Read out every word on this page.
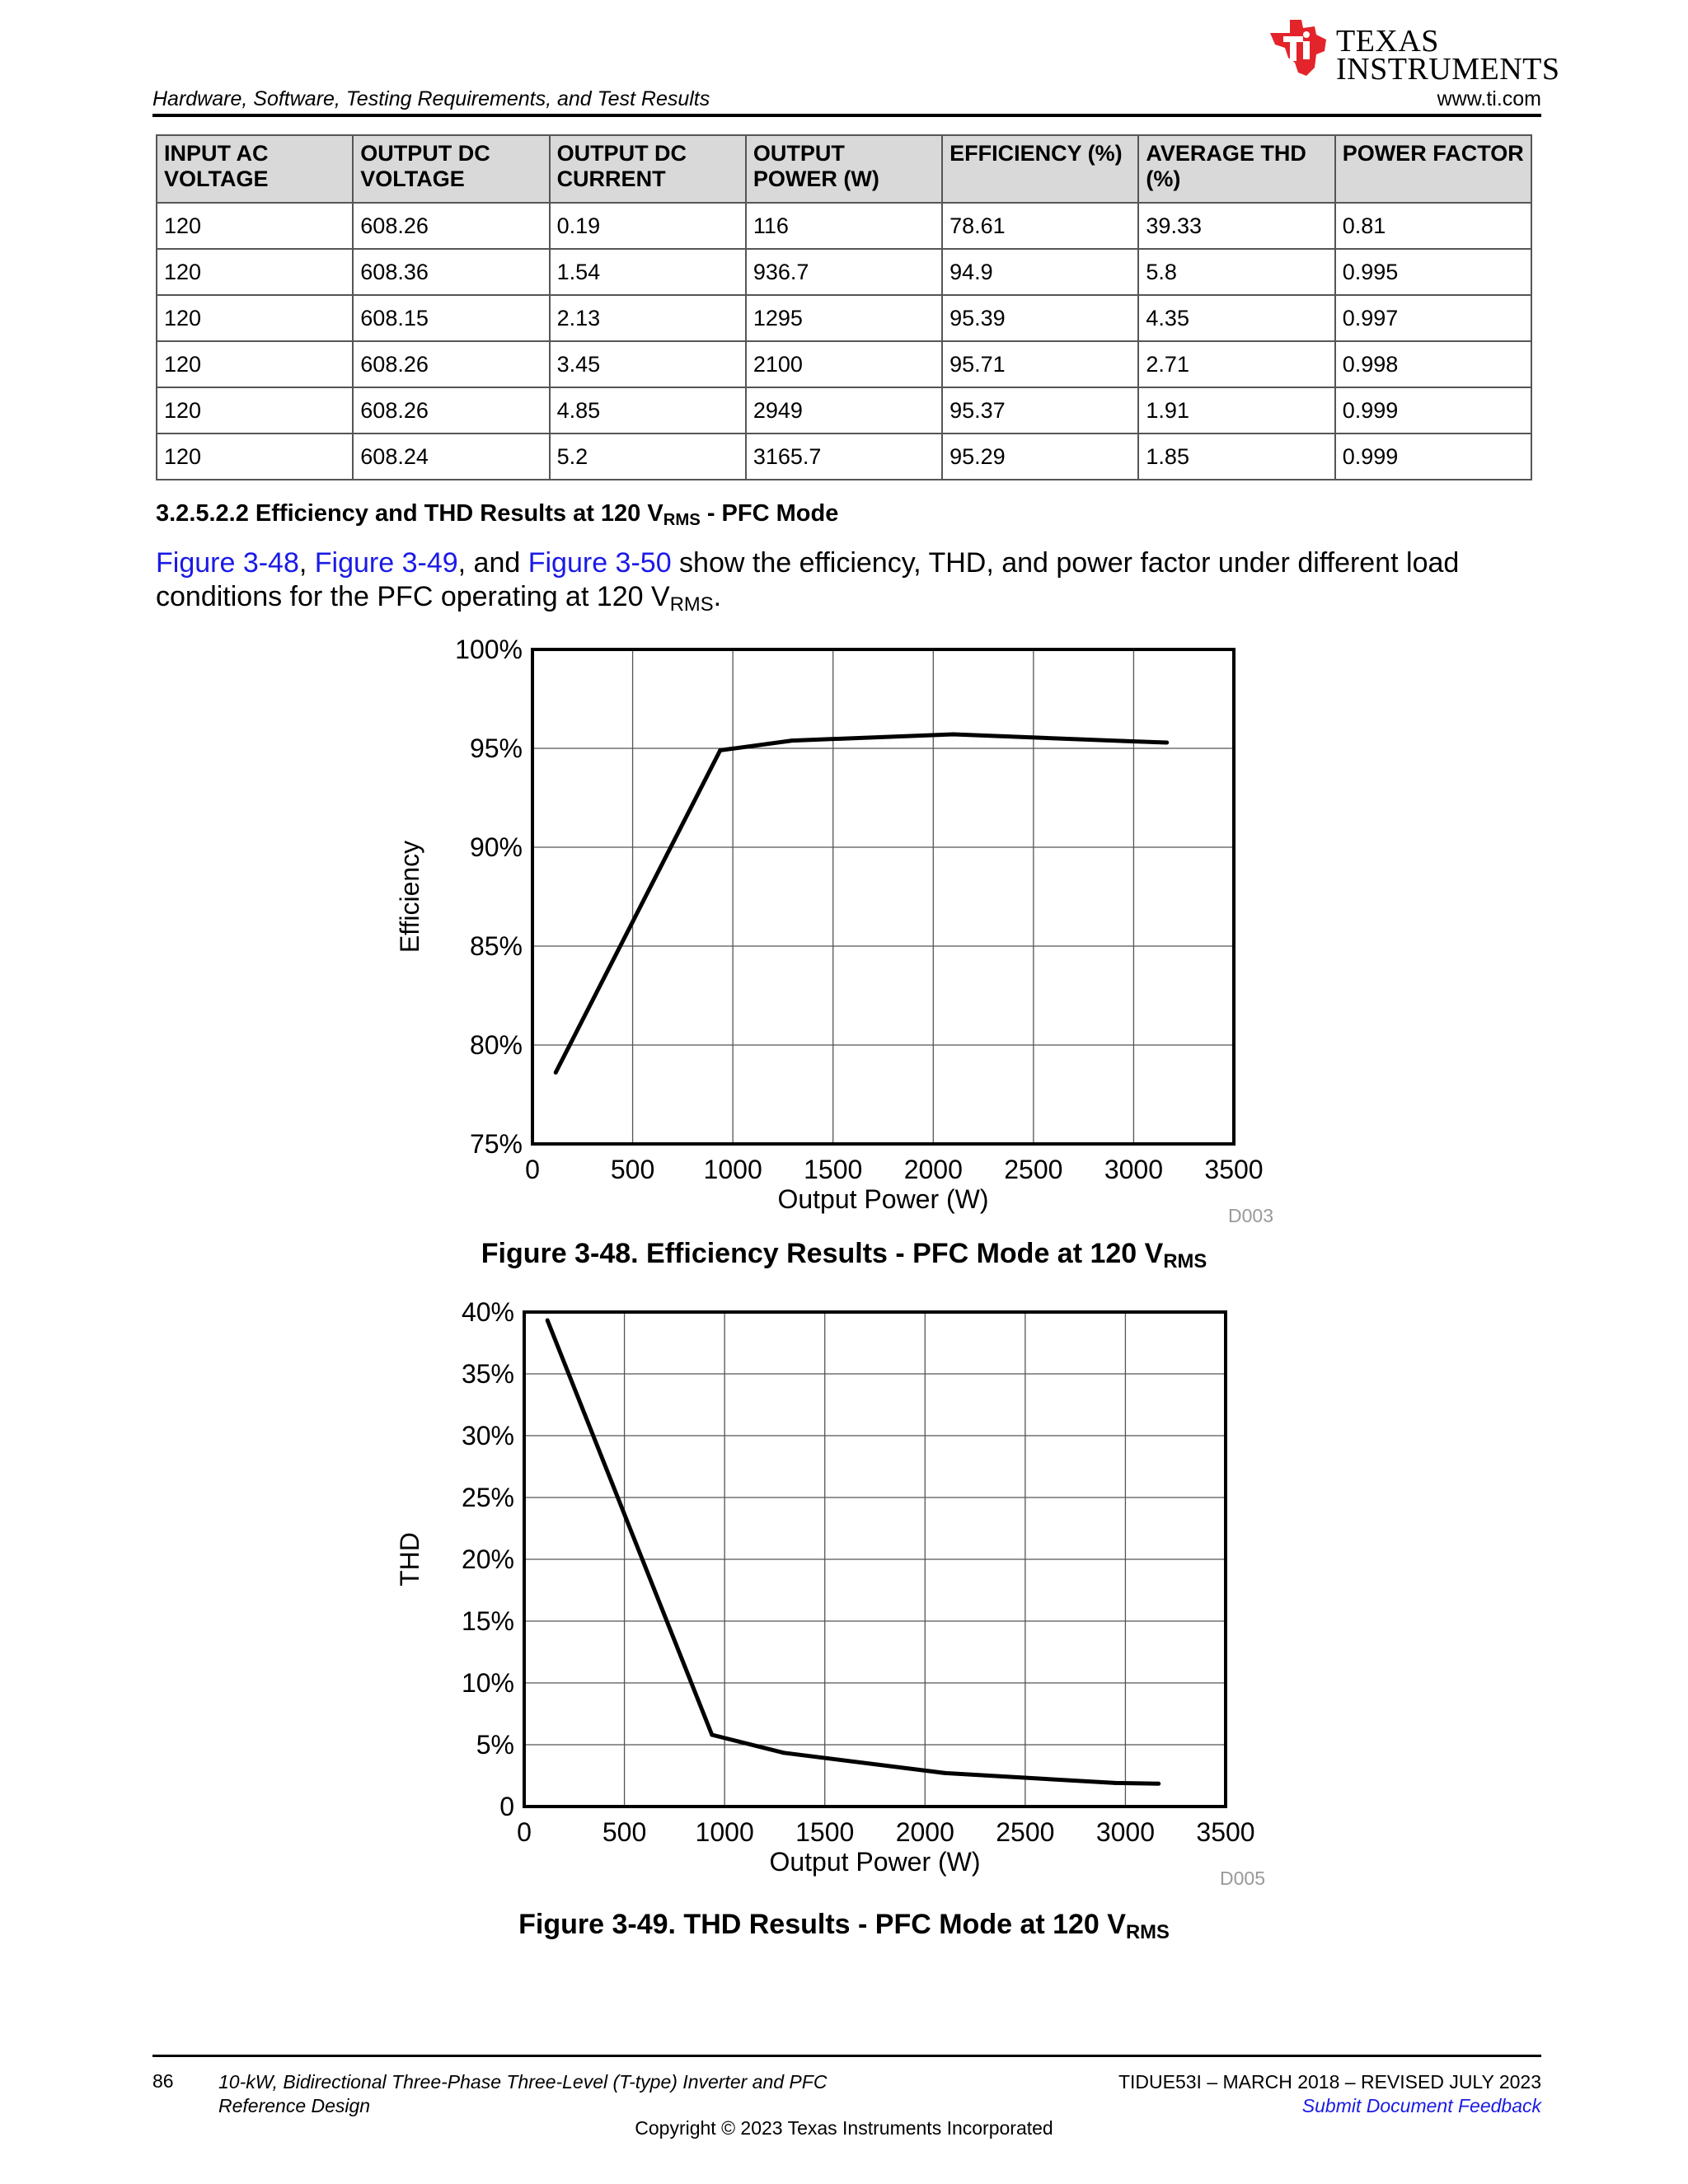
Hardware, Software, Testing Requirements, and Test Results	www.ti.com
TEXAS
INSTRUMENTS
INPUT AC VOLTAGE	OUTPUT DC VOLTAGE	OUTPUT DC CURRENT	OUTPUT POWER (W)	EFFICIENCY (%)	AVERAGE THD (%)	POWER FACTOR
120	608.26	0.19	116	78.61	39.33	0.81
120	608.36	1.54	936.7	94.9	5.8	0.995
120	608.15	2.13	1295	95.39	4.35	0.997
120	608.26	3.45	2100	95.71	2.71	0.998
120	608.26	4.85	2949	95.37	1.91	0.999
120	608.24	5.2	3165.7	95.29	1.85	0.999
3.2.5.2.2 Efficiency and THD Results at 120 $V_{RMS}$ - PFC Mode
Figure 3-48, Figure 3-49, and Figure 3-50 show the efficiency, THD, and power factor under different load conditions for the PFC operating at 120 $V_{RMS}$.
0	500 1000 1500 2000 2500 3000 3500
75%
80%
85%
90%
95%
100%
Output Power (W)
Efficiency
D003
Figure 3-48. Efficiency Results - PFC Mode at 120 $V_{RMS}$
0	500 1000 1500 2000 2500 3000 3500
0
5%
10%
15%
20%
25%
30%
35%
40%
Output Power (W)
THD
D005
Figure 3-49. THD Results - PFC Mode at 120 $V_{RMS}$
86 10-kW, Bidirectional Three-Phase Three-Level (T-type) Inverter and PFC
Reference Design
TIDUE53I – MARCH 2018 – REVISED JULY 2023
Submit Document Feedback
Copyright © 2023 Texas Instruments Incorporated
